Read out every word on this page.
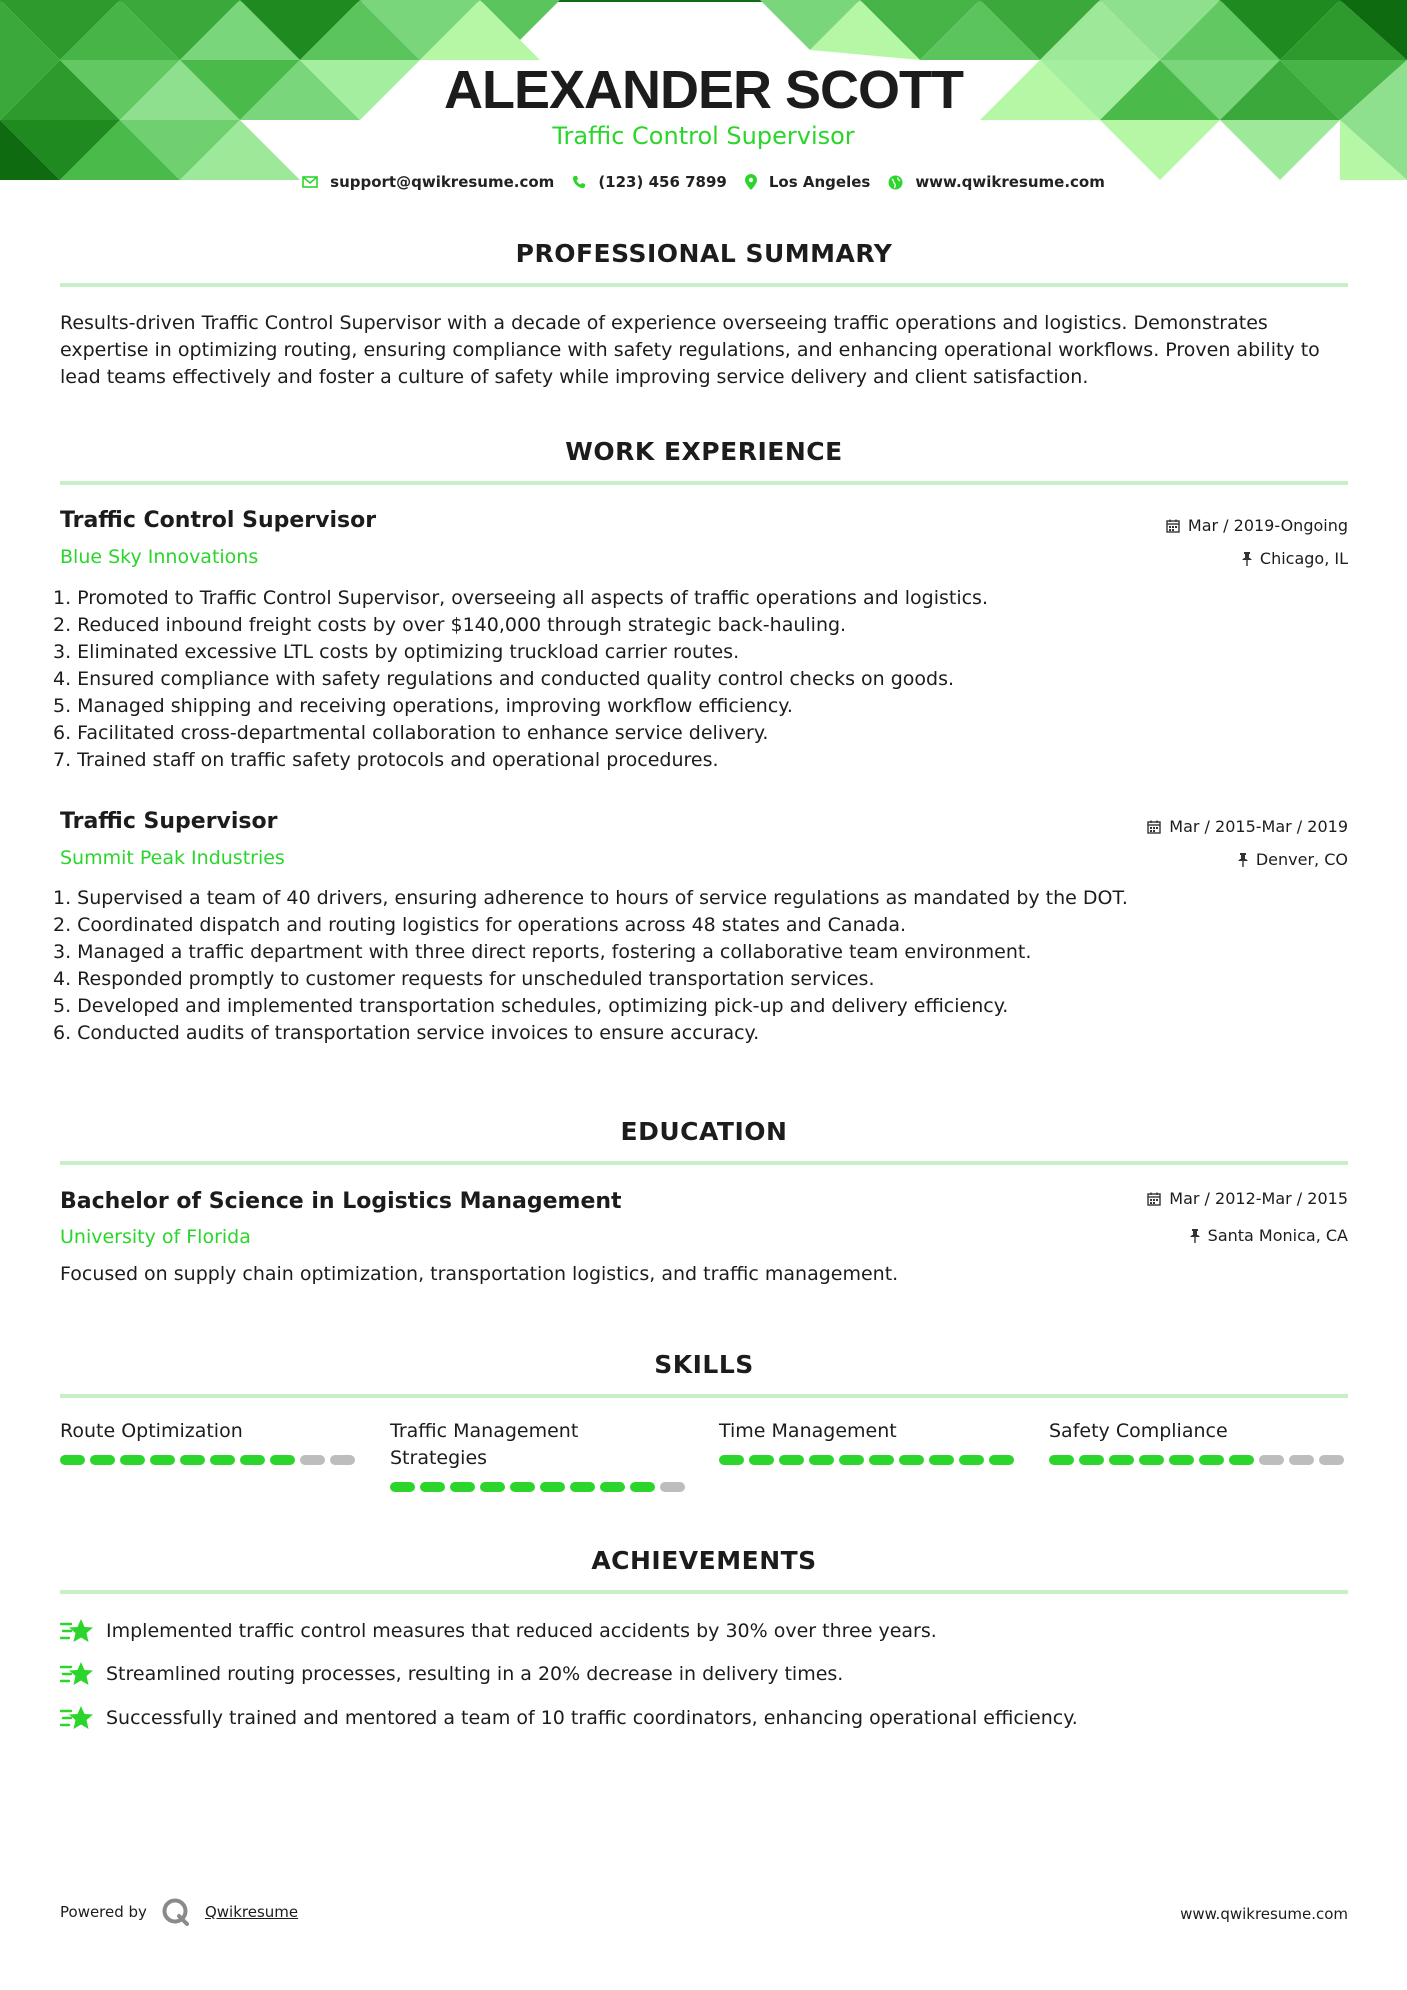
ALEXANDER SCOTT
Traffic Control Supervisor
support@qwikresume.com	(123) 456 7899	Los Angeles	www.qwikresume.com
PROFESSIONAL SUMMARY
Results-driven Traffic Control Supervisor with a decade of experience overseeing traffic operations and logistics. Demonstrates expertise in optimizing routing, ensuring compliance with safety regulations, and enhancing operational workflows. Proven ability to lead teams effectively and foster a culture of safety while improving service delivery and client satisfaction.
WORK EXPERIENCE
Traffic Control Supervisor	Mar / 2019-Ongoing
Blue Sky Innovations	Chicago, IL
1. Promoted to Traffic Control Supervisor, overseeing all aspects of traffic operations and logistics.
2. Reduced inbound freight costs by over $140,000 through strategic back-hauling.
3. Eliminated excessive LTL costs by optimizing truckload carrier routes.
4. Ensured compliance with safety regulations and conducted quality control checks on goods.
5. Managed shipping and receiving operations, improving workflow efficiency.
6. Facilitated cross-departmental collaboration to enhance service delivery.
7. Trained staff on traffic safety protocols and operational procedures.
Traffic Supervisor	Mar / 2015-Mar / 2019
Summit Peak Industries	Denver, CO
1. Supervised a team of 40 drivers, ensuring adherence to hours of service regulations as mandated by the DOT.
2. Coordinated dispatch and routing logistics for operations across 48 states and Canada.
3. Managed a traffic department with three direct reports, fostering a collaborative team environment.
4. Responded promptly to customer requests for unscheduled transportation services.
5. Developed and implemented transportation schedules, optimizing pick-up and delivery efficiency.
6. Conducted audits of transportation service invoices to ensure accuracy.
EDUCATION
Bachelor of Science in Logistics Management	Mar / 2012-Mar / 2015
University of Florida	Santa Monica, CA
Focused on supply chain optimization, transportation logistics, and traffic management.
SKILLS
Route Optimization	Traffic Management Strategies
Time Management	Safety Compliance
ACHIEVEMENTS
Implemented traffic control measures that reduced accidents by 30% over three years.
Streamlined routing processes, resulting in a 20% decrease in delivery times.
Successfully trained and mentored a team of 10 traffic coordinators, enhancing operational efficiency.
Powered by	Qwikresume	www.qwikresume.com
